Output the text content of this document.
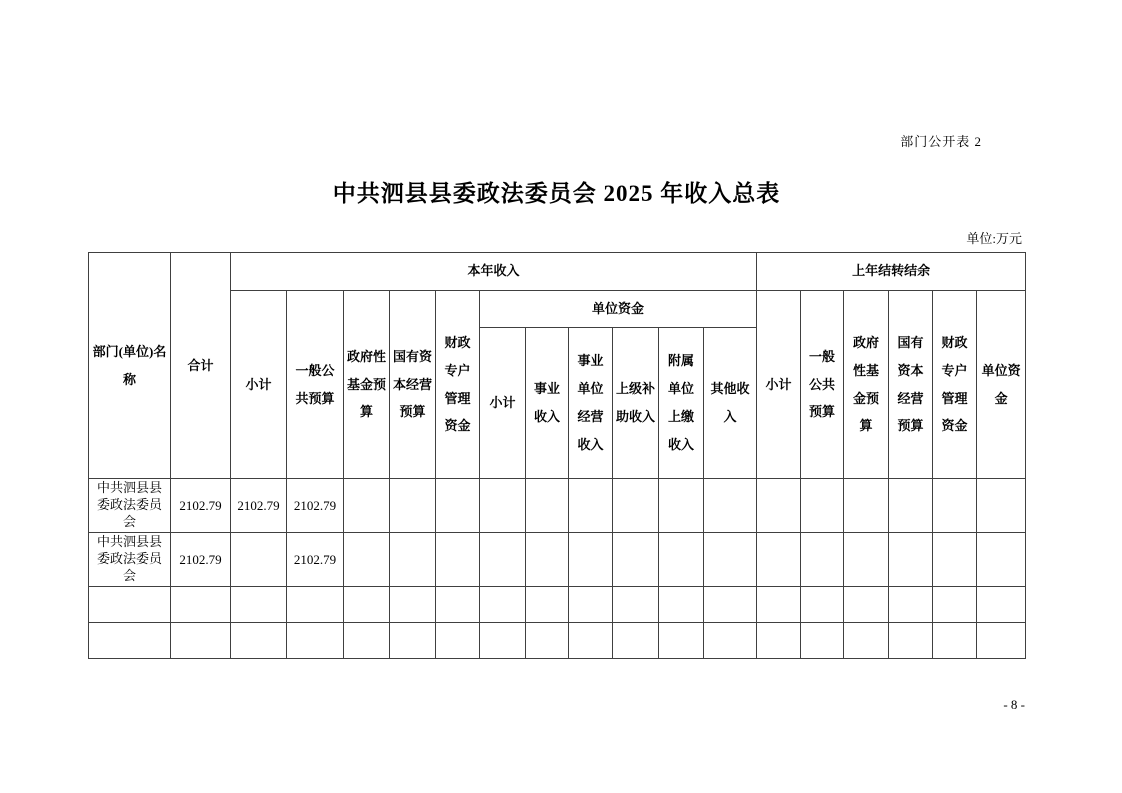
部门公开表 2
中共泗县县委政法委员会 2025 年收入总表
单位:万元
部门(单位)名称	合计	本年收入											上年结转结余					
		小计	一般公共预算	政府性基金预算	国有资本经营预算	财政专户管理资金	单位资金						小计	一般公共预算	政府性基金预算	国有资本经营预算	财政专户管理资金	单位资金
							小计	事业收入	事业单位经营收入	上级补助收入	附属单位上缴收入	其他收入						
中共泗县县委政法委员会	2102.79	2102.79	2102.79															
中共泗县县委政法委员会	2102.79		2102.79															

- 8 -
